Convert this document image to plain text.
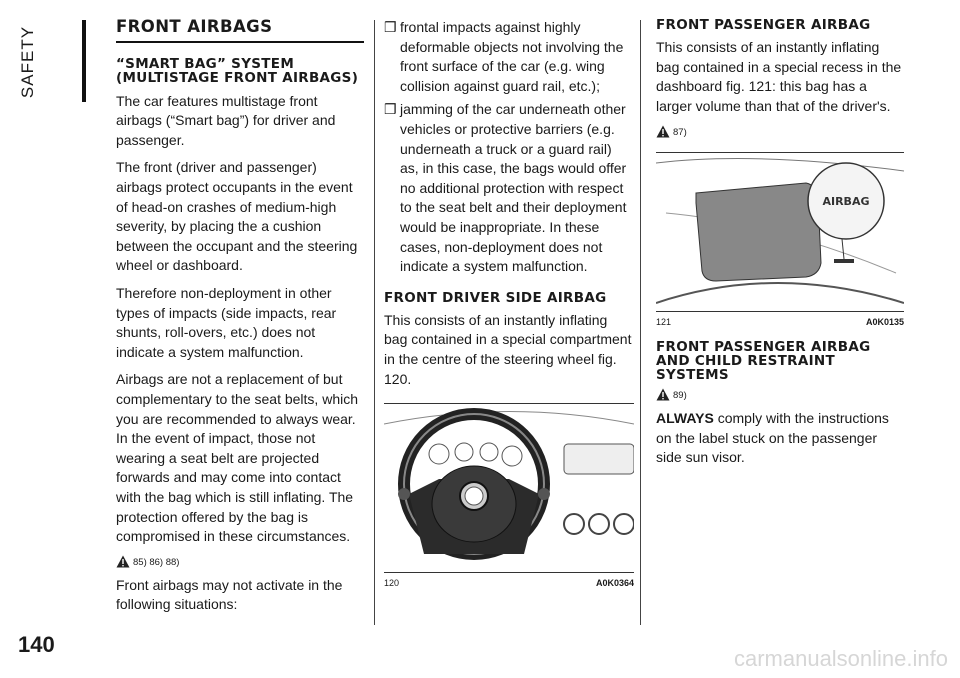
SAFETY
140
FRONT AIRBAGS
“SMART BAG” SYSTEM (MULTISTAGE FRONT AIRBAGS)

The car features multistage front airbags (“Smart bag”) for driver and passenger.

The front (driver and passenger) airbags protect occupants in the event of head-on crashes of medium-high severity, by placing the a cushion between the occupant and the steering wheel or dashboard.

Therefore non-deployment in other types of impacts (side impacts, rear shunts, roll-overs, etc.) does not indicate a system malfunction.

Airbags are not a replacement of but complementary to the seat belts, which you are recommended to always wear. In the event of impact, those not wearing a seat belt are projected forwards and may come into contact with the bag which is still inflating. The protection offered by the bag is compromised in these circumstances.

85) 86) 88)

Front airbags may not activate in the following situations:

❒ frontal impacts against highly deformable objects not involving the front surface of the car (e.g. wing collision against guard rail, etc.);
❒ jamming of the car underneath other vehicles or protective barriers (e.g. underneath a truck or a guard rail) as, in this case, the bags would offer no additional protection with respect to the seat belt and their deployment would be inappropriate. In these cases, non-deployment does not indicate a system malfunction.
FRONT DRIVER SIDE AIRBAG

This consists of an instantly inflating bag contained in a special compartment in the centre of the steering wheel fig. 120.

120	A0K0364
FRONT PASSENGER AIRBAG

This consists of an instantly inflating bag contained in a special recess in the dashboard fig. 121: this bag has a larger volume than that of the driver's.

87)
AIRBAG
121	A0K0135
FRONT PASSENGER AIRBAG AND CHILD RESTRAINT SYSTEMS
89)

ALWAYS comply with the instructions on the label stuck on the passenger side sun visor.

carmanualsonline.info
